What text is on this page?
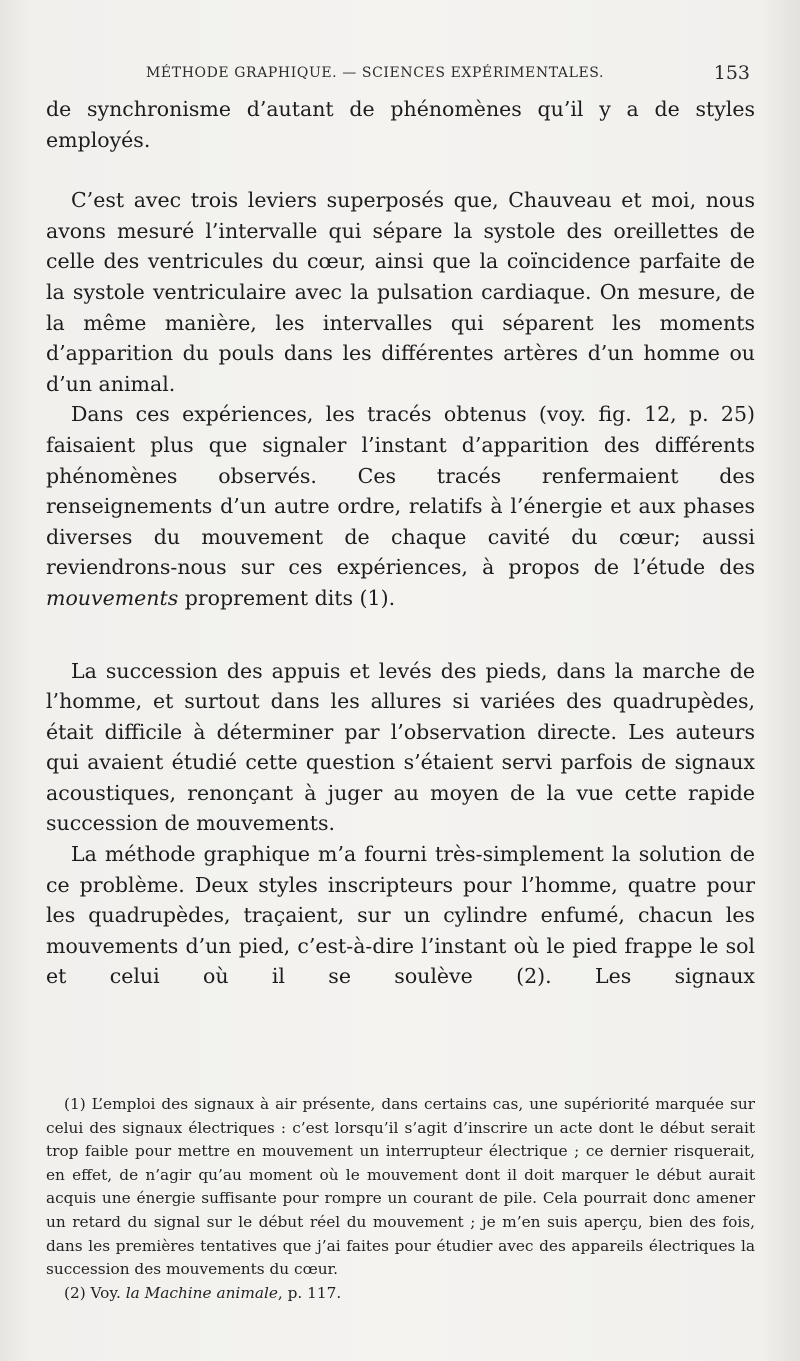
MÉTHODE GRAPHIQUE. — SCIENCES EXPÉRIMENTALES.	153

de synchronisme d’autant de phénomènes qu’il y a de styles employés.

C’est avec trois leviers superposés que, Chauveau et moi, nous avons mesuré l’intervalle qui sépare la systole des oreillettes de celle des ventricules du cœur, ainsi que la coïncidence parfaite de la systole ventriculaire avec la pulsation cardiaque. On mesure, de la même manière, les intervalles qui séparent les moments d’apparition du pouls dans les différentes artères d’un homme ou d’un animal.

Dans ces expériences, les tracés obtenus (voy. fig. 12, p. 25) faisaient plus que signaler l’instant d’apparition des différents phénomènes observés. Ces tracés renfermaient des renseignements d’un autre ordre, relatifs à l’énergie et aux phases diverses du mouvement de chaque cavité du cœur; aussi reviendrons-nous sur ces expériences, à propos de l’étude des mouvements proprement dits (1).

La succession des appuis et levés des pieds, dans la marche de l’homme, et surtout dans les allures si variées des quadrupèdes, était difficile à déterminer par l’observation directe. Les auteurs qui avaient étudié cette question s’étaient servi parfois de signaux acoustiques, renonçant à juger au moyen de la vue cette rapide succession de mouvements.

La méthode graphique m’a fourni très-simplement la solution de ce problème. Deux styles inscripteurs pour l’homme, quatre pour les quadrupèdes, traçaient, sur un cylindre enfumé, chacun les mouvements d’un pied, c’est-à-dire l’instant où le pied frappe le sol et celui où il se soulève (2). Les signaux

(1) L’emploi des signaux à air présente, dans certains cas, une supériorité marquée sur celui des signaux électriques : c’est lorsqu’il s’agit d’inscrire un acte dont le début serait trop faible pour mettre en mouvement un interrupteur électrique ; ce dernier risquerait, en effet, de n’agir qu’au moment où le mouvement dont il doit marquer le début aurait acquis une énergie suffisante pour rompre un courant de pile. Cela pourrait donc amener un retard du signal sur le début réel du mouvement ; je m’en suis aperçu, bien des fois, dans les premières tentatives que j’ai faites pour étudier avec des appareils électriques la succession des mouvements du cœur.

(2) Voy. la Machine animale, p. 117.
